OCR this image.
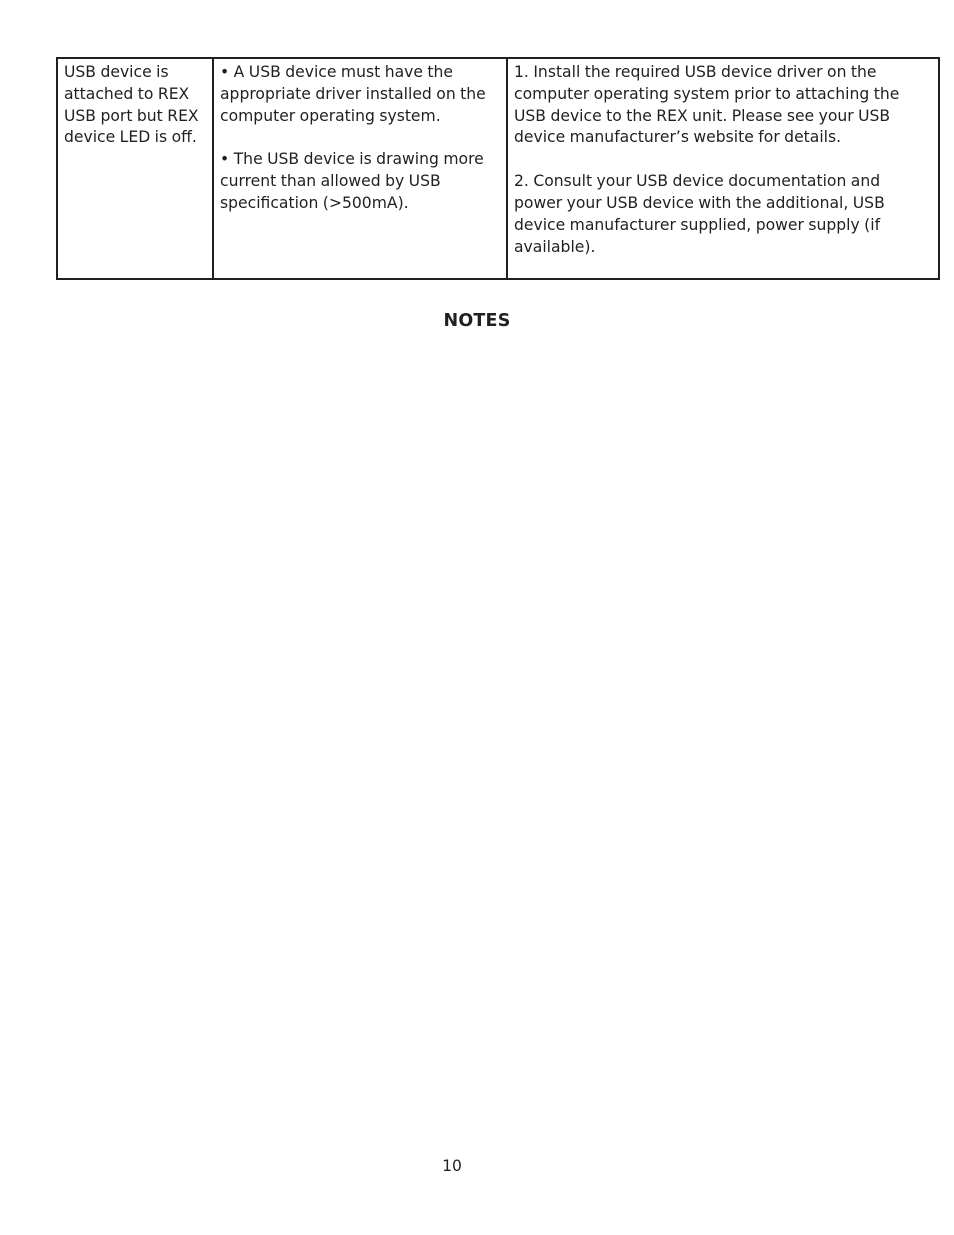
USB device is attached to REX USB port but REX device LED is off.

• A USB device must have the appropriate driver installed on the computer operating system.
• The USB device is drawing more current than allowed by USB specification (>500mA).

1. Install the required USB device driver on the computer operating system prior to attaching the USB device to the REX unit. Please see your USB device manufacturer’s website for details.
2. Consult your USB device documentation and power your USB device with the additional, USB device manufacturer supplied, power supply (if available).
NOTES
10
